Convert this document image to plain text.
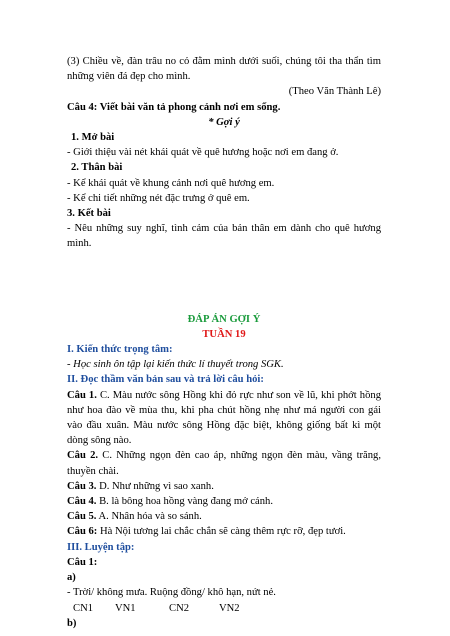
(3) Chiều về, đàn trâu no cỏ đằm mình dưới suối, chúng tôi tha thẩn tìm những viên đá đẹp cho mình.

(Theo Văn Thành Lê)

Câu 4: Viết bài văn tả phong cảnh nơi em sống.

* Gợi ý

1. Mở bài

- Giới thiệu vài nét khái quát về quê hương hoặc nơi em đang ở.

2. Thân bài

- Kể khái quát về khung cảnh nơi quê hương em.

- Kể chi tiết những nét đặc trưng ở quê em.

3. Kết bài

- Nêu những suy nghĩ, tình cảm của bản thân em dành cho quê hương mình.

ĐÁP ÁN GỢI Ý

TUẦN 19

I. Kiến thức trọng tâm:

- Học sinh ôn tập lại kiến thức lí thuyết trong SGK.

II. Đọc thầm văn bản sau và trả lời câu hỏi:

Câu 1. C. Màu nước sông Hồng khi đỏ rực như son về lũ, khi phớt hồng như hoa đào về mùa thu, khi pha chút hồng nhẹ như má người con gái vào đầu xuân. Màu nước sông Hồng đặc biệt, không giống bất kì một dòng sông nào.

Câu 2. C. Những ngọn đèn cao áp, những ngọn đèn màu, vầng trăng, thuyền chài.

Câu 3. D. Như những vì sao xanh.

Câu 4. B. là bông hoa hồng vàng đang mở cánh.

Câu 5. A. Nhân hóa và so sánh.

Câu 6: Hà Nội tương lai chắc chắn sẽ càng thêm rực rỡ, đẹp tươi.

III. Luyện tập:

Câu 1:

a)

- Trời/ không mưa. Ruộng đồng/ khô hạn, nứt nẻ.

CN1 VN1	CN2	VN2

b)
